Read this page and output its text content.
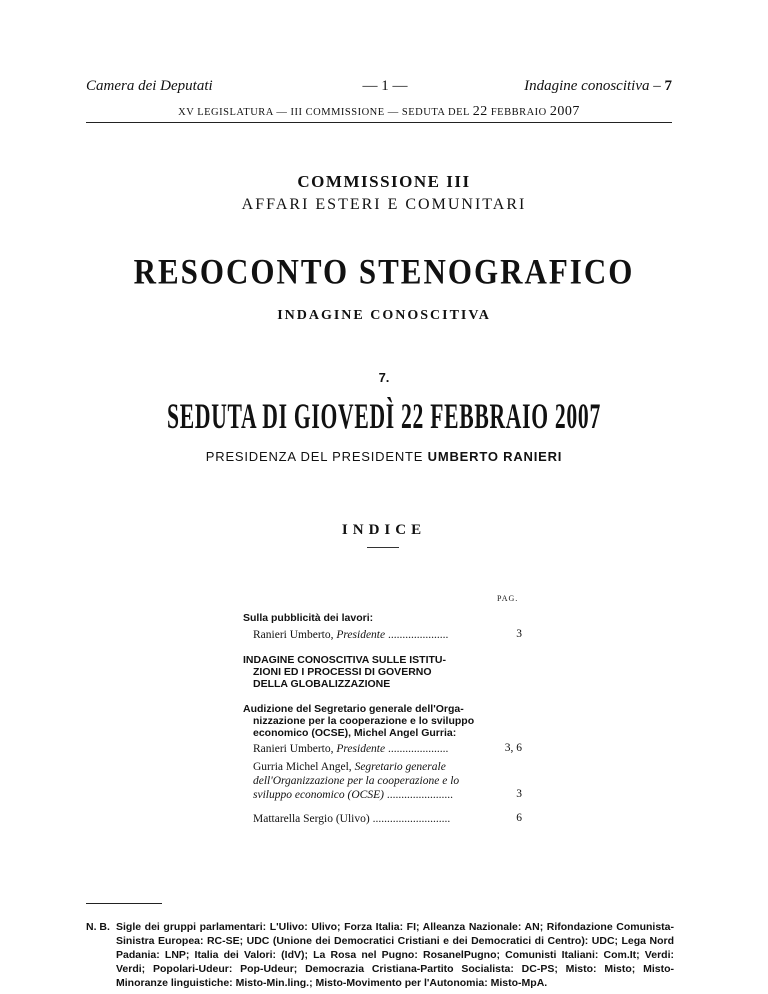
Camera dei Deputati	— 1 —	Indagine conoscitiva – 7
XV LEGISLATURA — III COMMISSIONE — SEDUTA DEL 22 FEBBRAIO 2007
COMMISSIONE III
AFFARI ESTERI E COMUNITARI
RESOCONTO STENOGRAFICO
INDAGINE CONOSCITIVA
7.
SEDUTA DI GIOVEDÌ 22 FEBBRAIO 2007
PRESIDENZA DEL PRESIDENTE UMBERTO RANIERI
INDICE
PAG.
Sulla pubblicità dei lavori:
Ranieri Umberto, Presidente .....................	3
INDAGINE CONOSCITIVA SULLE ISTITU-
ZIONI ED I PROCESSI DI GOVERNO
DELLA GLOBALIZZAZIONE
Audizione del Segretario generale dell'Orga-
nizzazione per la cooperazione e lo sviluppo
economico (OCSE), Michel Angel Gurria:
Ranieri Umberto, Presidente .....................	3, 6
Gurria Michel Angel, Segretario generale
dell'Organizzazione per la cooperazione e lo
sviluppo economico (OCSE) .......................	3
Mattarella Sergio (Ulivo) ...........................	6
N. B. Sigle dei gruppi parlamentari: L'Ulivo: Ulivo; Forza Italia: FI; Alleanza Nazionale: AN; Rifondazione Comunista-Sinistra Europea: RC-SE; UDC (Unione dei Democratici Cristiani e dei Democratici di Centro): UDC; Lega Nord Padania: LNP; Italia dei Valori: (IdV); La Rosa nel Pugno: RosanelPugno; Comunisti Italiani: Com.It; Verdi: Verdi; Popolari-Udeur: Pop-Udeur; Democrazia Cristiana-Partito Socialista: DC-PS; Misto: Misto; Misto-Minoranze linguistiche: Misto-Min.ling.; Misto-Movimento per l'Autonomia: Misto-MpA.
